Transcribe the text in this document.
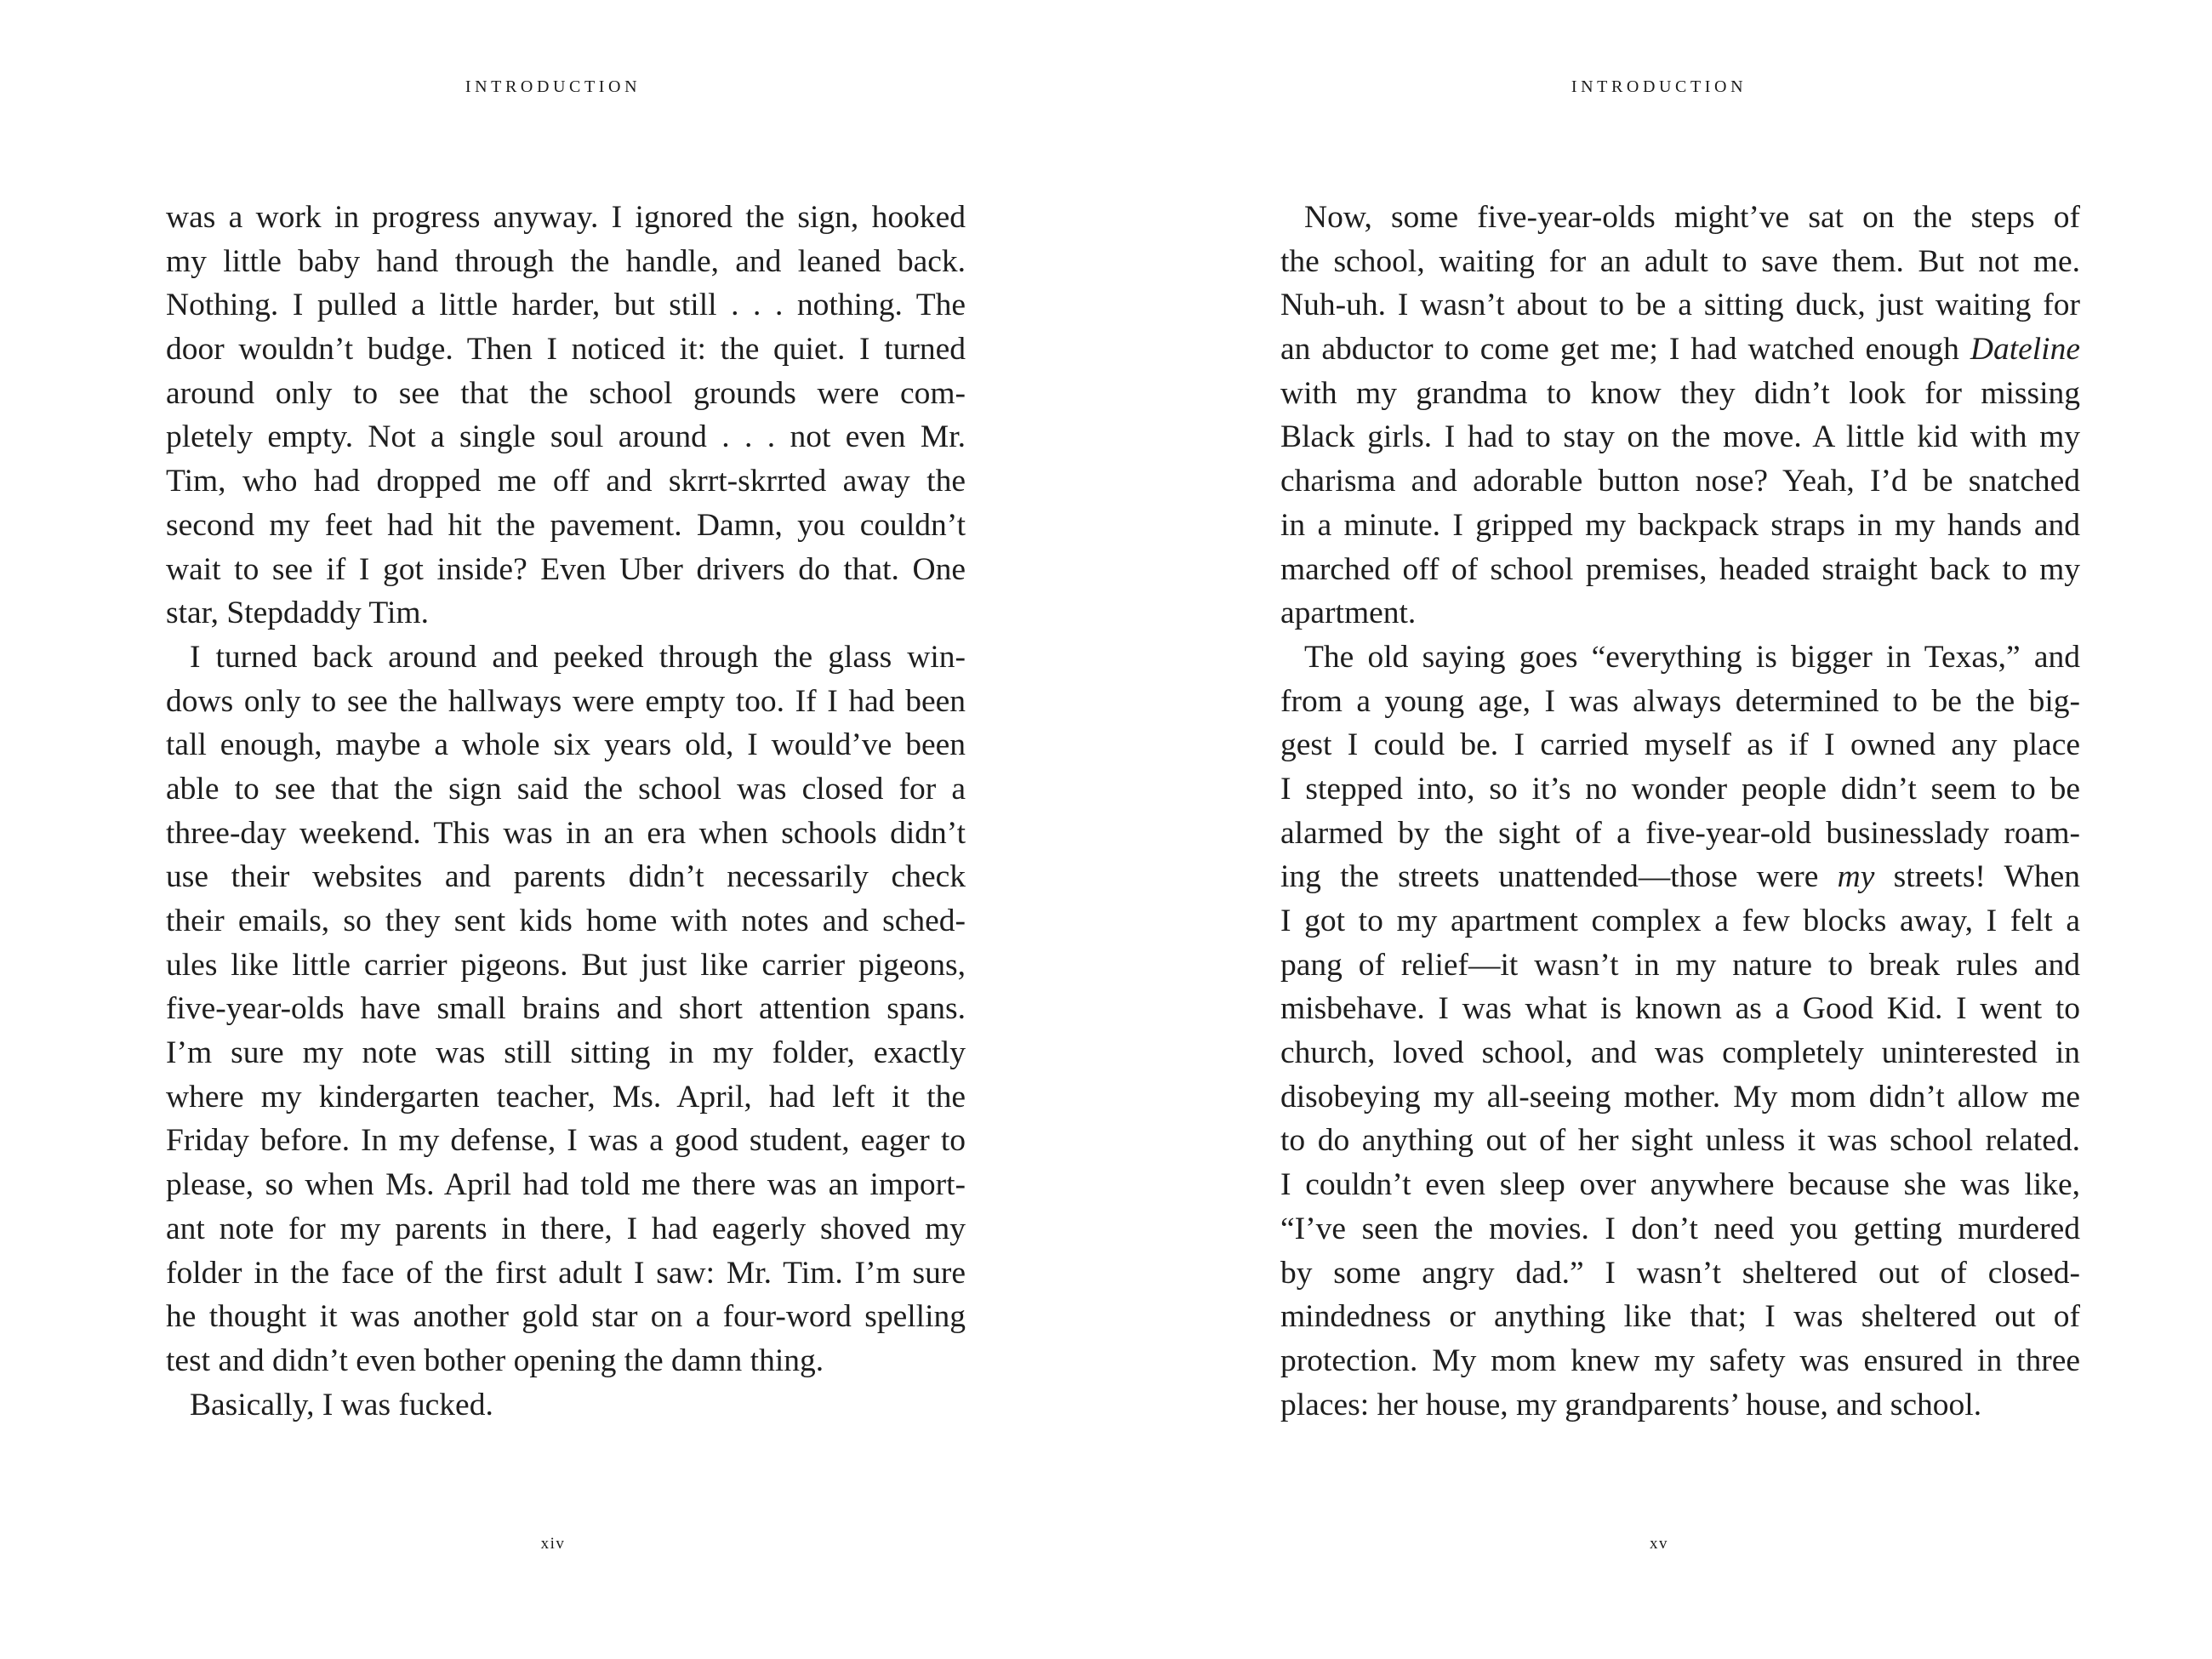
INTRODUCTION
was a work in progress anyway. I ignored the sign, hooked
my little baby hand through the handle, and leaned back.
Nothing. I pulled a little harder, but still . . . nothing. The
door wouldn’t budge. Then I noticed it: the quiet. I turned
around only to see that the school grounds were com-
pletely empty. Not a single soul around . . . not even Mr.
Tim, who had dropped me off and skrrt-skrrted away the
second my feet had hit the pavement. Damn, you couldn’t
wait to see if I got inside? Even Uber drivers do that. One
star, Stepdaddy Tim.
I turned back around and peeked through the glass win-
dows only to see the hallways were empty too. If I had been
tall enough, maybe a whole six years old, I would’ve been
able to see that the sign said the school was closed for a
three-day weekend. This was in an era when schools didn’t
use their websites and parents didn’t necessarily check
their emails, so they sent kids home with notes and sched-
ules like little carrier pigeons. But just like carrier pigeons,
five-year-olds have small brains and short attention spans.
I’m sure my note was still sitting in my folder, exactly
where my kindergarten teacher, Ms. April, had left it the
Friday before. In my defense, I was a good student, eager to
please, so when Ms. April had told me there was an import-
ant note for my parents in there, I had eagerly shoved my
folder in the face of the first adult I saw: Mr. Tim. I’m sure
he thought it was another gold star on a four-word spelling
test and didn’t even bother opening the damn thing.
Basically, I was fucked.
xiv
INTRODUCTION
Now, some five-year-olds might’ve sat on the steps of
the school, waiting for an adult to save them. But not me.
Nuh-uh. I wasn’t about to be a sitting duck, just waiting for
an abductor to come get me; I had watched enough Dateline
with my grandma to know they didn’t look for missing
Black girls. I had to stay on the move. A little kid with my
charisma and adorable button nose? Yeah, I’d be snatched
in a minute. I gripped my backpack straps in my hands and
marched off of school premises, headed straight back to my
apartment.
The old saying goes “everything is bigger in Texas,” and
from a young age, I was always determined to be the big-
gest I could be. I carried myself as if I owned any place
I stepped into, so it’s no wonder people didn’t seem to be
alarmed by the sight of a five-year-old businesslady roam-
ing the streets unattended—those were my streets! When
I got to my apartment complex a few blocks away, I felt a
pang of relief—it wasn’t in my nature to break rules and
misbehave. I was what is known as a Good Kid. I went to
church, loved school, and was completely uninterested in
disobeying my all-seeing mother. My mom didn’t allow me
to do anything out of her sight unless it was school related.
I couldn’t even sleep over anywhere because she was like,
“I’ve seen the movies. I don’t need you getting murdered
by some angry dad.” I wasn’t sheltered out of closed-
mindedness or anything like that; I was sheltered out of
protection. My mom knew my safety was ensured in three
places: her house, my grandparents’ house, and school.
xv
